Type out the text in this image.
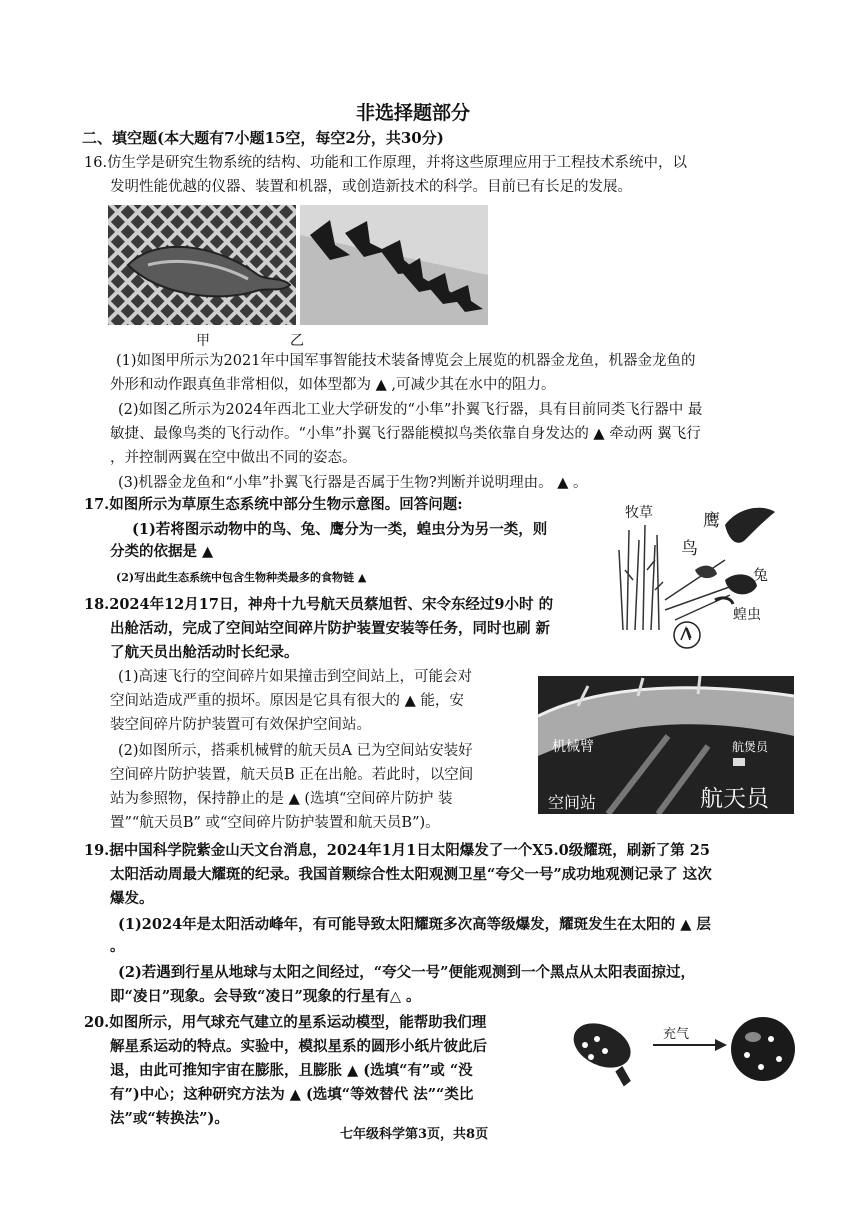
非选择题部分
二、填空题(本大题有7小题15空，每空2分，共30分)
16.仿生学是研究生物系统的结构、功能和工作原理，并将这些原理应用于工程技术系统中，以
发明性能优越的仪器、装置和机器，或创造新技术的科学。目前已有长足的发展。
甲	乙
(1)如图甲所示为2021年中国军事智能技术装备博览会上展览的机器金龙鱼，机器金龙鱼的
外形和动作跟真鱼非常相似，如体型都为 ▲ ,可减少其在水中的阻力。
(2)如图乙所示为2024年西北工业大学研发的“小隼”扑翼飞行器，具有目前同类飞行器中 最
敏捷、最像鸟类的飞行动作。“小隼”扑翼飞行器能模拟鸟类依靠自身发达的 ▲ 牵动两 翼飞行
，并控制两翼在空中做出不同的姿态。
(3)机器金龙鱼和“小隼”扑翼飞行器是否属于生物?判断并说明理由。 ▲ 。
17.如图所示为草原生态系统中部分生物示意图。回答问题:
(1)若将图示动物中的鸟、兔、鹰分为一类，蝗虫分为另一类，则
分类的依据是 ▲
(2)写出此生态系统中包含生物种类最多的食物链 ▲
牧草	鹰
鸟
兔
蝗虫
18.2024年12月17日，神舟十九号航天员蔡旭哲、宋令东经过9小时 的
出舱活动，完成了空间站空间碎片防护装置安装等任务，同时也刷 新
了航天员出舱活动时长纪录。
(1)高速飞行的空间碎片如果撞击到空间站上，可能会对
空间站造成严重的损坏。原因是它具有很大的 ▲ 能，安
装空间碎片防护装置可有效保护空间站。
(2)如图所示，搭乘机械臂的航天员A 已为空间站安装好
空间碎片防护装置，航天员B 正在出舱。若此时，以空间
站为参照物，保持静止的是 ▲ (选填“空间碎片防护 装
置”“航天员B” 或“空间碎片防护装置和航天员B”)。
机械臂	航煲员
空间站	航天员
19.据中国科学院紫金山天文台消息，2024年1月1日太阳爆发了一个X5.0级耀斑，刷新了第 25
太阳活动周最大耀斑的纪录。我国首颗综合性太阳观测卫星“夸父一号”成功地观测记录了 这次
爆发。
(1)2024年是太阳活动峰年，有可能导致太阳耀斑多次高等级爆发，耀斑发生在太阳的 ▲ 层
。
(2)若遇到行星从地球与太阳之间经过，“夸父一号”便能观测到一个黑点从太阳表面掠过，
即“凌日”现象。会导致“凌日”现象的行星有△ 。
20.如图所示，用气球充气建立的星系运动模型，能帮助我们理
解星系运动的特点。实验中，模拟星系的圆形小纸片彼此后
退，由此可推知宇宙在膨胀，且膨胀 ▲ (选填“有”或 “没
有”)中心；这种研究方法为 ▲ (选填“等效替代 法”“类比
法”或“转换法”)。
充气
七年级科学第3页，共8页
